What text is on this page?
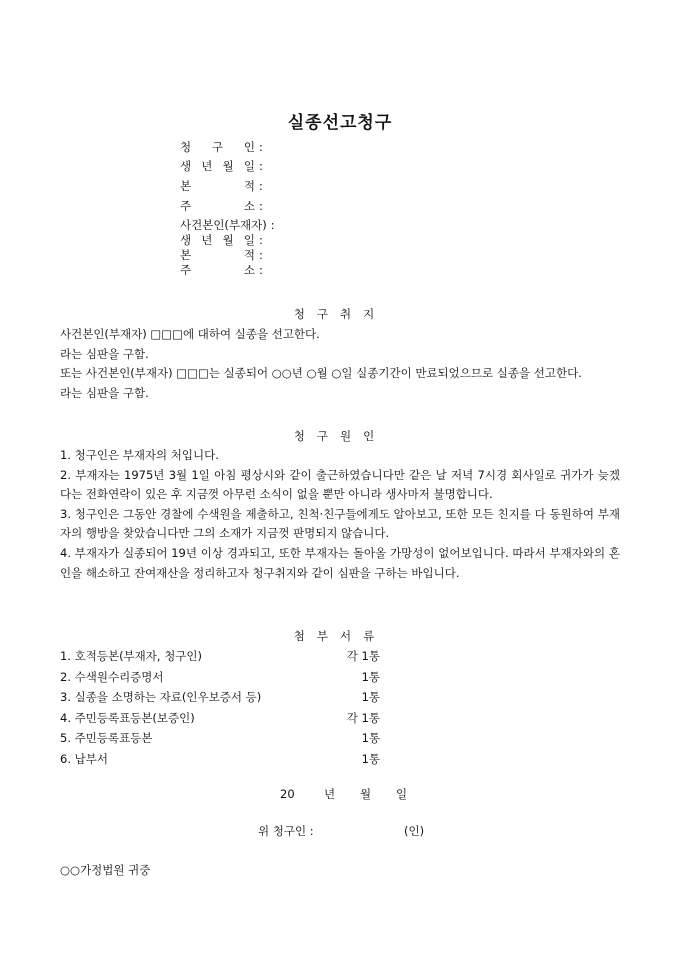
실종선고청구
청 구 인 :
생 년 월 일 :
본 적 :
주 소 :
사건본인(부재자) :
생 년 월 일 :
본 적 :
주 소 :
청구취지
사건본인(부재자) □□□에 대하여 실종을 선고한다.
라는 심판을 구함.
또는 사건본인(부재자) □□□는 실종되어 ○○년 ○월 ○일 실종기간이 만료되었으므로 실종을 선고한다.
라는 심판을 구함.
청구원인
1. 청구인은 부재자의 처입니다.
2. 부재자는 1975년 3월 1일 아침 평상시와 같이 출근하였습니다만 같은 날 저녁 7시경 회사일로 귀가가 늦겠다는 전화연락이 있은 후 지금껏 아무런 소식이 없을 뿐만 아니라 생사마저 불명합니다.
3. 청구인은 그동안 경찰에 수색원을 제출하고, 친척·친구들에게도 알아보고, 또한 모든 친지를 다 동원하여 부재자의 행방을 찾았습니다만 그의 소재가 지금껏 판명되지 않습니다.
4. 부재자가 실종되어 19년 이상 경과되고, 또한 부재자는 돌아올 가망성이 없어보입니다. 따라서 부재자와의 혼인을 해소하고 잔여재산을 정리하고자 청구취지와 같이 심판을 구하는 바입니다.
첨부서류
1. 호적등본(부재자, 청구인)	각 1통
2. 수색원수리증명서	1통
3. 실종을 소명하는 자료(인우보증서 등)	1통
4. 주민등록표등본(보증인)	각 1통
5. 주민등록표등본	1통
6. 납부서	1통
20	년 월 일
위 청구인 :	(인)
○○가정법원 귀중
